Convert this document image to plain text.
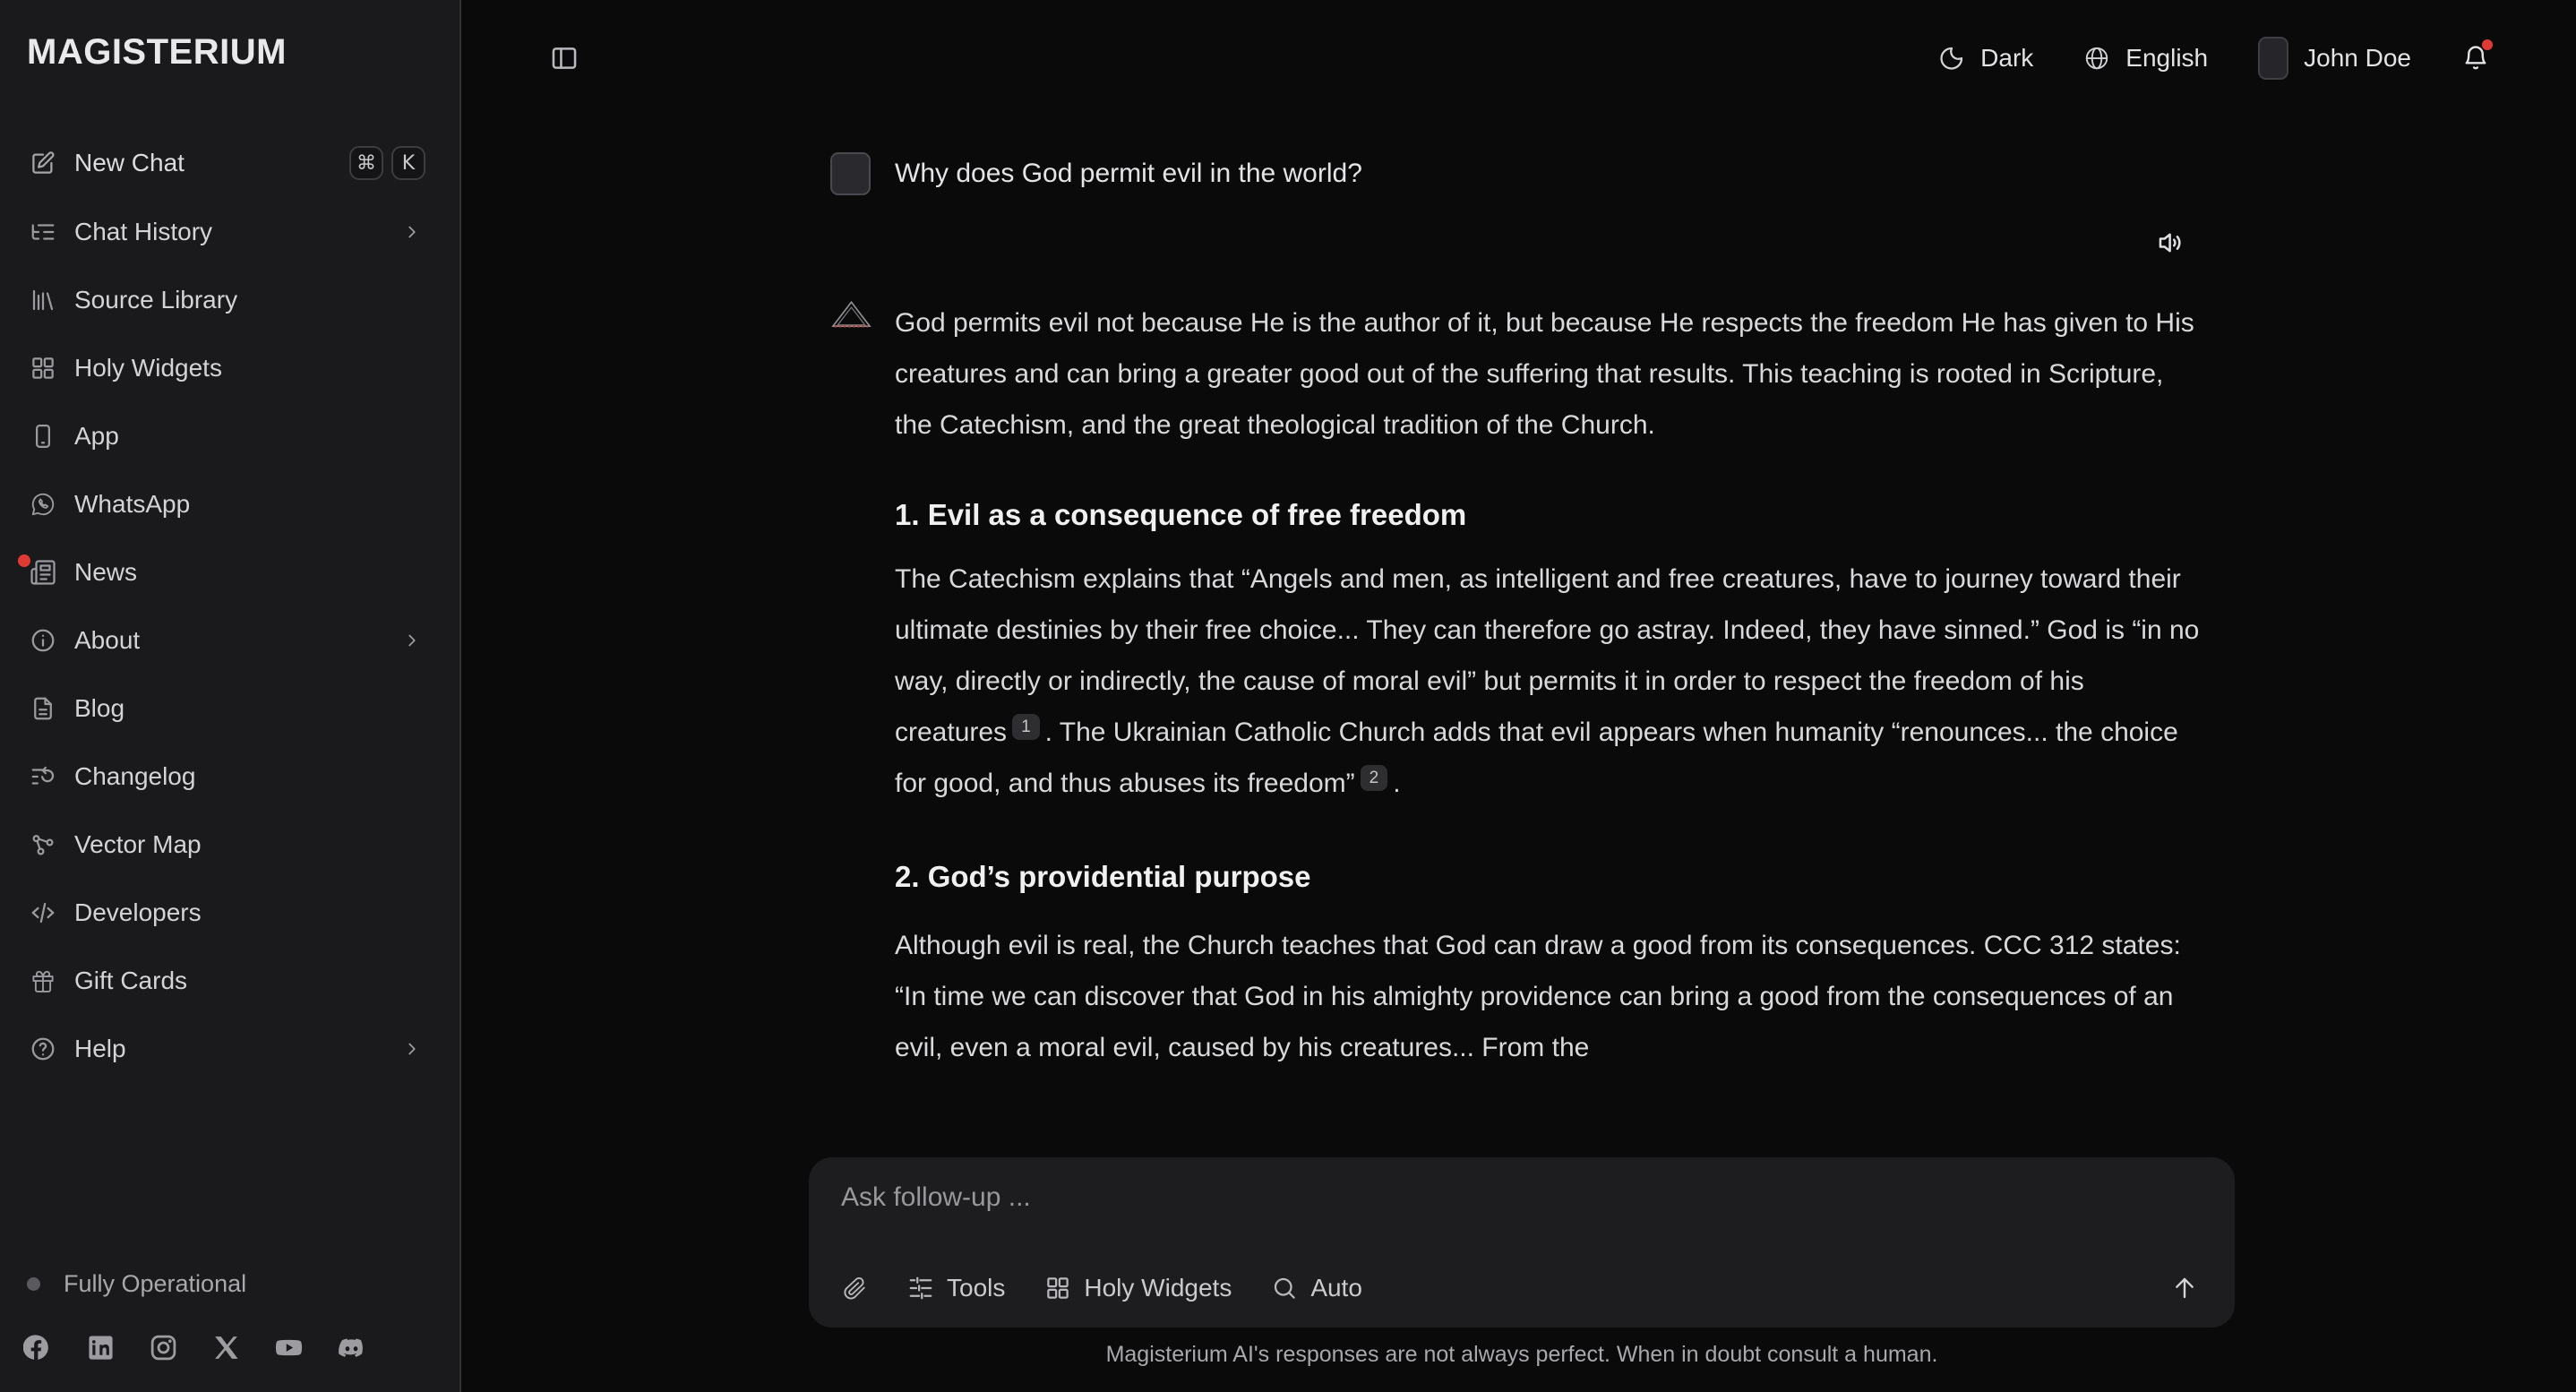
MAGISTERIUM
New Chat	⌘	K
Chat History
Source Library
Holy Widgets
App
WhatsApp
News
About
Blog
Changelog
Vector Map
Developers
Gift Cards
Help
Fully Operational
Dark	English	John Doe
Why does God permit evil in the world?

God permits evil not because He is the author of it, but because He respects the freedom He has given to His creatures and can bring a greater good out of the suffering that results. This teaching is rooted in Scripture, the Catechism, and the great theological tradition of the Church.

1. Evil as a consequence of free freedom

The Catechism explains that “Angels and men, as intelligent and free creatures, have to journey toward their ultimate destinies by their free choice... They can therefore go astray. Indeed, they have sinned.” God is “in no way, directly or indirectly, the cause of moral evil” but permits it in order to respect the freedom of his creatures 1 . The Ukrainian Catholic Church adds that evil appears when humanity “renounces... the choice for good, and thus abuses its freedom” 2 .

2. God’s providential purpose

Although evil is real, the Church teaches that God can draw a good from its consequences. CCC 312 states: “In time we can discover that God in his almighty providence can bring a good from the consequences of an evil, even a moral evil, caused by his creatures... From the

Ask follow-up ...
Tools	Holy Widgets	Auto
Magisterium AI's responses are not always perfect. When in doubt consult a human.
